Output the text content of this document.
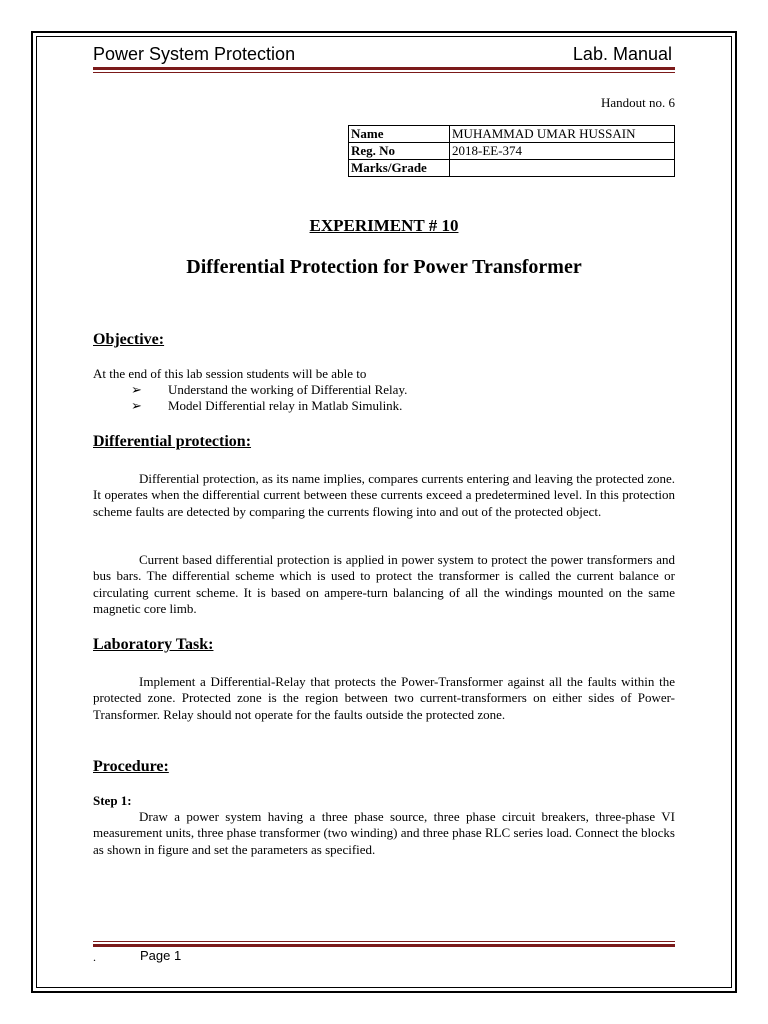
Power System Protection	Lab. Manual
Handout no. 6
Name	MUHAMMAD UMAR HUSSAIN
Reg. No	2018-EE-374
Marks/Grade	
EXPERIMENT # 10
Differential Protection for Power Transformer
Objective:
At the end of this lab session students will be able to
➢ Understand the working of Differential Relay.
➢ Model Differential relay in Matlab Simulink.
Differential protection:
Differential protection, as its name implies, compares currents entering and leaving the protected zone. It operates when the differential current between these currents exceed a predetermined level. In this protection scheme faults are detected by comparing the currents flowing into and out of the protected object.
Current based differential protection is applied in power system to protect the power transformers and bus bars. The differential scheme which is used to protect the transformer is called the current balance or circulating current scheme. It is based on ampere-turn balancing of all the windings mounted on the same magnetic core limb.
Laboratory Task:
Implement a Differential-Relay that protects the Power-Transformer against all the faults within the protected zone. Protected zone is the region between two current-transformers on either sides of Power-Transformer. Relay should not operate for the faults outside the protected zone.
Procedure:
Step 1:
Draw a power system having a three phase source, three phase circuit breakers, three-phase VI measurement units, three phase transformer (two winding) and three phase RLC series load. Connect the blocks as shown in figure and set the parameters as specified.
.	Page 1
